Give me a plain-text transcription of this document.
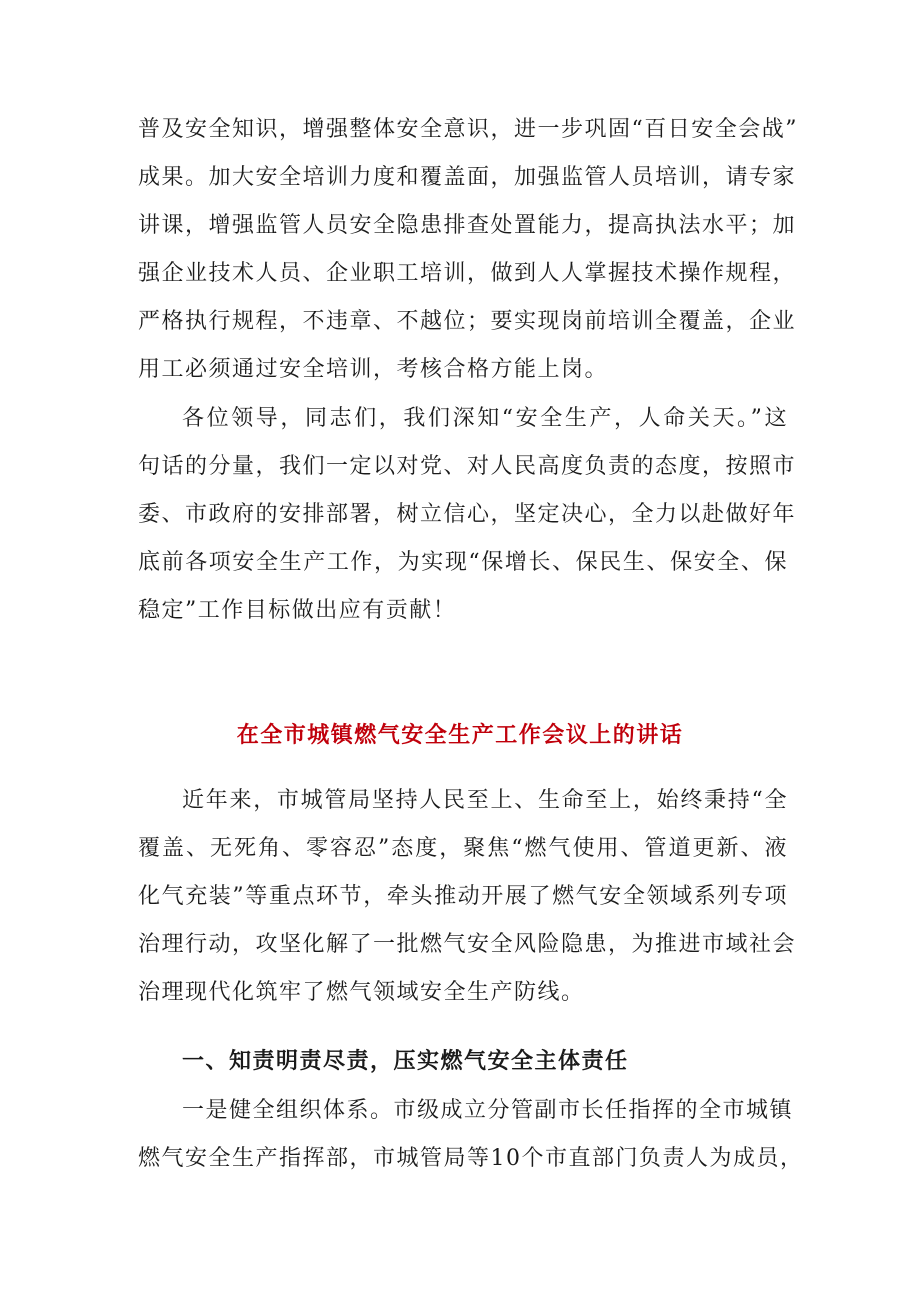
普及安全知识，增强整体安全意识，进一步巩固“百日安全会战”
成果。加大安全培训力度和覆盖面，加强监管人员培训，请专家
讲课，增强监管人员安全隐患排查处置能力，提高执法水平；加
强企业技术人员、企业职工培训，做到人人掌握技术操作规程，
严格执行规程，不违章、不越位；要实现岗前培训全覆盖，企业
用工必须通过安全培训，考核合格方能上岗。
各位领导，同志们，我们深知“安全生产，人命关天。”这
句话的分量，我们一定以对党、对人民高度负责的态度，按照市
委、市政府的安排部署，树立信心，坚定决心，全力以赴做好年
底前各项安全生产工作，为实现“保增长、保民生、保安全、保
稳定”工作目标做出应有贡献！
在全市城镇燃气安全生产工作会议上的讲话
近年来，市城管局坚持人民至上、生命至上，始终秉持“全
覆盖、无死角、零容忍”态度，聚焦“燃气使用、管道更新、液
化气充装”等重点环节，牵头推动开展了燃气安全领域系列专项
治理行动，攻坚化解了一批燃气安全风险隐患，为推进市域社会
治理现代化筑牢了燃气领域安全生产防线。
一、知责明责尽责，压实燃气安全主体责任
一是健全组织体系。市级成立分管副市长任指挥的全市城镇
燃气安全生产指挥部，市城管局等10个市直部门负责人为成员，
